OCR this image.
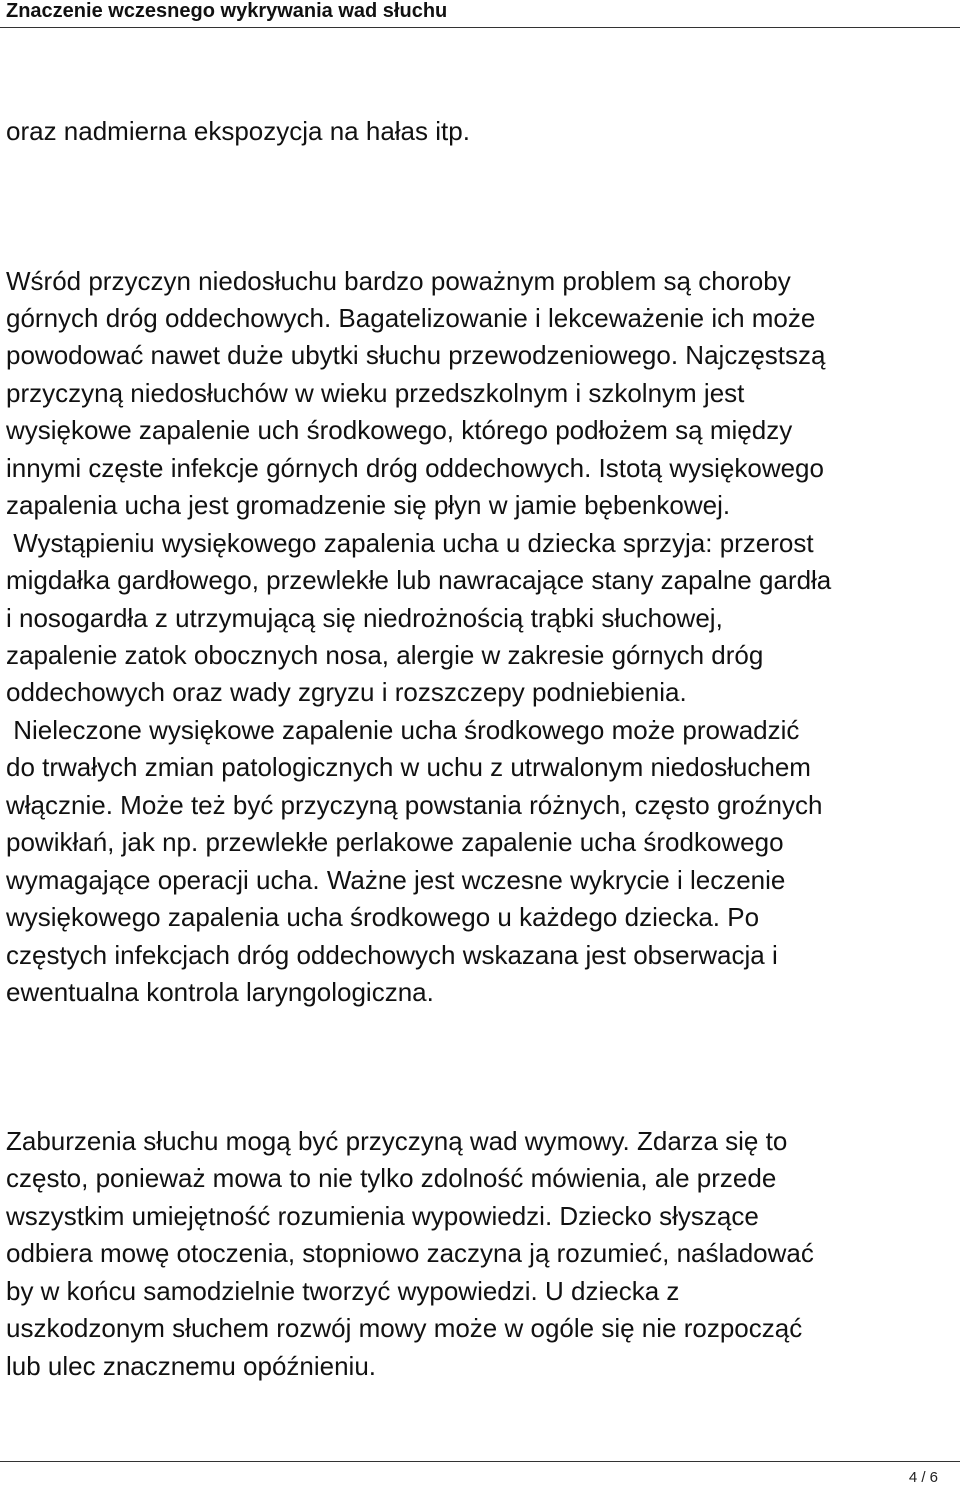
Znaczenie wczesnego wykrywania wad słuchu
oraz nadmierna ekspozycja na hałas itp.
Wśród przyczyn niedosłuchu bardzo poważnym problem są choroby
górnych dróg oddechowych. Bagatelizowanie i lekceważenie ich może
powodować nawet duże ubytki słuchu przewodzeniowego. Najczęstszą
przyczyną niedosłuchów w wieku przedszkolnym i szkolnym jest
wysiękowe zapalenie uch środkowego, którego podłożem są między
innymi częste infekcje górnych dróg oddechowych. Istotą wysiękowego
zapalenia ucha jest gromadzenie się płyn w jamie bębenkowej.
Wystąpieniu wysiękowego zapalenia ucha u dziecka sprzyja: przerost
migdałka gardłowego, przewlekłe lub nawracające stany zapalne gardła
i nosogardła z utrzymującą się niedrożnością trąbki słuchowej,
zapalenie zatok obocznych nosa, alergie w zakresie górnych dróg
oddechowych oraz wady zgryzu i rozszczepy podniebienia.
Nieleczone wysiękowe zapalenie ucha środkowego może prowadzić
do trwałych zmian patologicznych w uchu z utrwalonym niedosłuchem
włącznie. Może też być przyczyną powstania różnych, często groźnych
powikłań, jak np. przewlekłe perlakowe zapalenie ucha środkowego
wymagające operacji ucha. Ważne jest wczesne wykrycie i leczenie
wysiękowego zapalenia ucha środkowego u każdego dziecka. Po
częstych infekcjach dróg oddechowych wskazana jest obserwacja i
ewentualna kontrola laryngologiczna.
Zaburzenia słuchu mogą być przyczyną wad wymowy. Zdarza się to
często, ponieważ mowa to nie tylko zdolność mówienia, ale przede
wszystkim umiejętność rozumienia wypowiedzi. Dziecko słyszące
odbiera mowę otoczenia, stopniowo zaczyna ją rozumieć, naśladować
by w końcu samodzielnie tworzyć wypowiedzi. U dziecka z
uszkodzonym słuchem rozwój mowy może w ogóle się nie rozpocząć
lub ulec znacznemu opóźnieniu.
4 / 6
